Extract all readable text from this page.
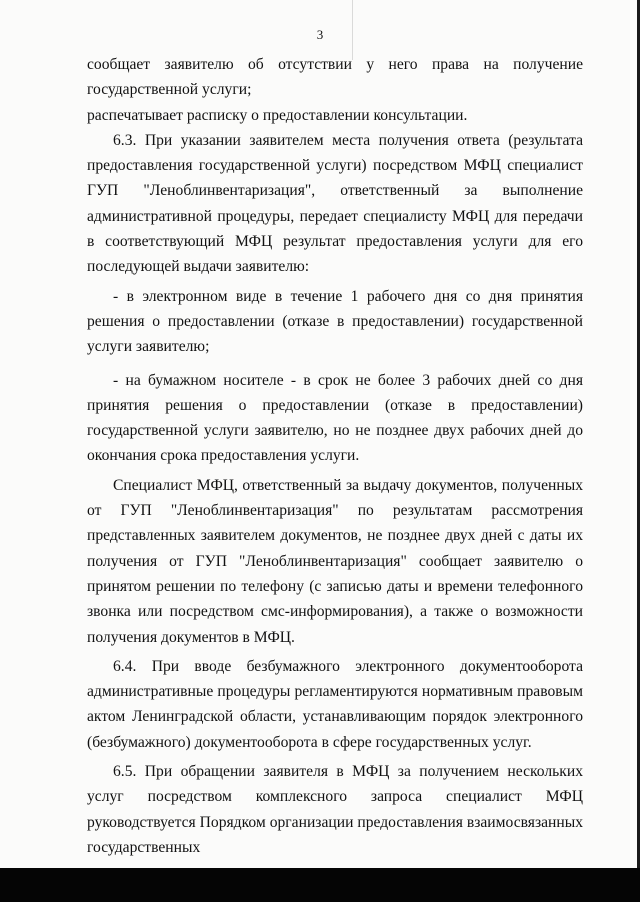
3

сообщает заявителю об отсутствии у него права на получение государственной услуги;

распечатывает расписку о предоставлении консультации.

6.3. При указании заявителем места получения ответа (результата предоставления государственной услуги) посредством МФЦ специалист ГУП "Леноблинвентаризация", ответственный за выполнение административной процедуры, передает специалисту МФЦ для передачи в соответствующий МФЦ результат предоставления услуги для его последующей выдачи заявителю:

- в электронном виде в течение 1 рабочего дня со дня принятия решения о предоставлении (отказе в предоставлении) государственной услуги заявителю;

- на бумажном носителе - в срок не более 3 рабочих дней со дня принятия решения о предоставлении (отказе в предоставлении) государственной услуги заявителю, но не позднее двух рабочих дней до окончания срока предоставления услуги.

Специалист МФЦ, ответственный за выдачу документов, полученных от ГУП "Леноблинвентаризация" по результатам рассмотрения представленных заявителем документов, не позднее двух дней с даты их получения от ГУП "Леноблинвентаризация" сообщает заявителю о принятом решении по телефону (с записью даты и времени телефонного звонка или посредством смс-информирования), а также о возможности получения документов в МФЦ.

6.4. При вводе безбумажного электронного документооборота административные процедуры регламентируются нормативным правовым актом Ленинградской области, устанавливающим порядок электронного (безбумажного) документооборота в сфере государственных услуг.

6.5. При обращении заявителя в МФЦ за получением нескольких услуг посредством комплексного запроса специалист МФЦ руководствуется Порядком организации предоставления взаимосвязанных государственных
